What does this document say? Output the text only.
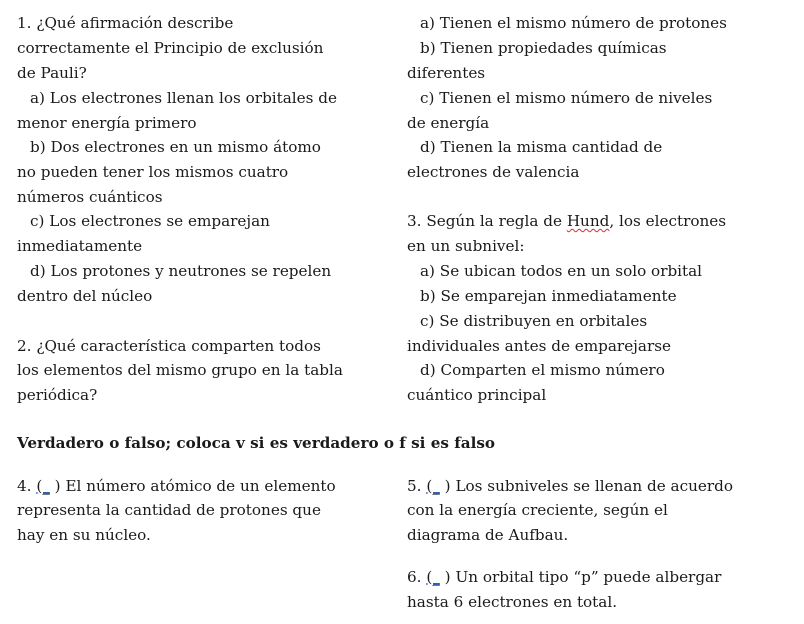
1. ¿Qué afirmación describe
correctamente el Principio de exclusión
de Pauli?
a) Los electrones llenan los orbitales de
menor energía primero
b) Dos electrones en un mismo átomo
no pueden tener los mismos cuatro
números cuánticos
c) Los electrones se emparejan
inmediatamente
d) Los protones y neutrones se repelen
dentro del núcleo
2. ¿Qué característica comparten todos
los elementos del mismo grupo en la tabla
periódica?
a) Tienen el mismo número de protones
b) Tienen propiedades químicas
diferentes
c) Tienen el mismo número de niveles
de energía
d) Tienen la misma cantidad de
electrones de valencia
3. Según la regla de Hund, los electrones
en un subnivel:
a) Se ubican todos en un solo orbital
b) Se emparejan inmediatamente
c) Se distribuyen en orbitales
individuales antes de emparejarse
d) Comparten el mismo número
cuántico principal
Verdadero o falso; coloca v si es verdadero o f si es falso
4. (_ ) El número atómico de un elemento
representa la cantidad de protones que
hay en su núcleo.
5. (_ ) Los subniveles se llenan de acuerdo
con la energía creciente, según el
diagrama de Aufbau.
6. (_ ) Un orbital tipo “p” puede albergar
hasta 6 electrones en total.
